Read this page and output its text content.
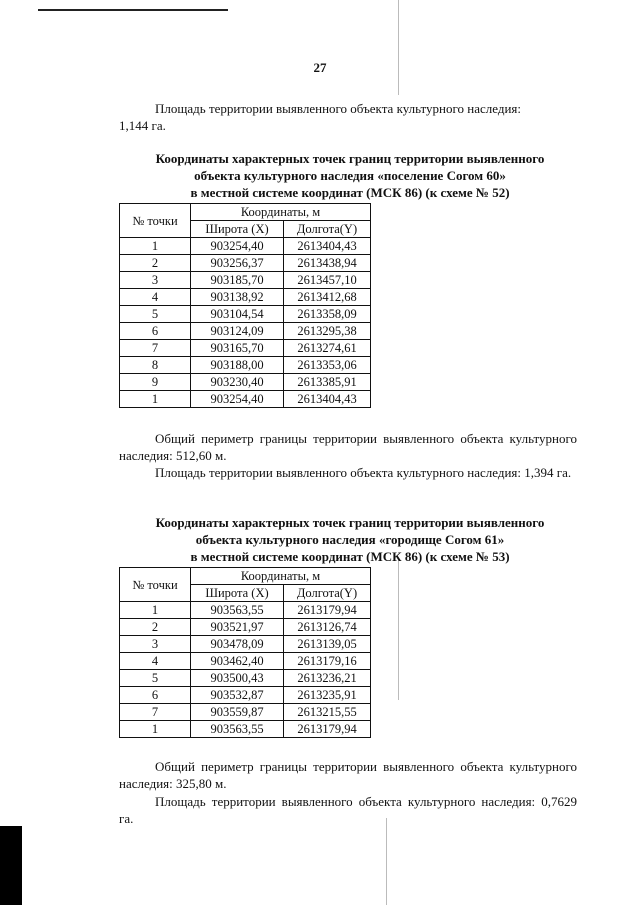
27

Площадь территории выявленного объекта культурного наследия:
1,144 га.

Координаты характерных точек границ территории выявленного
объекта культурного наследия «поселение Согом 60»
в местной системе координат (МСК 86) (к схеме № 52)
№ точки	Координаты, м	
	Широта (X)	Долгота(Y)
1	903254,40	2613404,43
2	903256,37	2613438,94
3	903185,70	2613457,10
4	903138,92	2613412,68
5	903104,54	2613358,09
6	903124,09	2613295,38
7	903165,70	2613274,61
8	903188,00	2613353,06
9	903230,40	2613385,91
1	903254,40	2613404,43

Общий периметр границы территории выявленного объекта культурного наследия: 512,60 м.

Площадь территории выявленного объекта культурного наследия: 1,394 га.

Координаты характерных точек границ территории выявленного
объекта культурного наследия «городище Согом 61»
в местной системе координат (МСК 86) (к схеме № 53)
№ точки	Координаты, м	
	Широта (X)	Долгота(Y)
1	903563,55	2613179,94
2	903521,97	2613126,74
3	903478,09	2613139,05
4	903462,40	2613179,16
5	903500,43	2613236,21
6	903532,87	2613235,91
7	903559,87	2613215,55
1	903563,55	2613179,94

Общий периметр границы территории выявленного объекта культурного наследия: 325,80 м.

Площадь территории выявленного объекта культурного наследия: 0,7629 га.
